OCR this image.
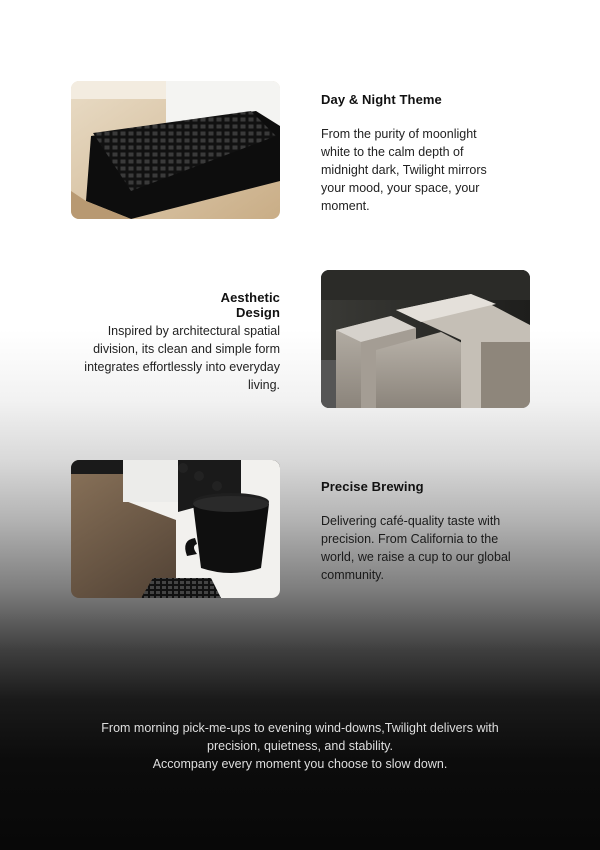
Day & Night Theme
From the purity of moonlight white to the calm depth of midnight dark, Twilight mirrors your mood, your space, your moment.
Aesthetic Design
Inspired by architectural spatial division, its clean and simple form integrates effortlessly into everyday living.
Precise Brewing
Delivering café-quality taste with precision. From California to the world, we raise a cup to our global community.
From morning pick-me-ups to evening wind-downs,Twilight delivers with
precision, quietness, and stability.
Accompany every moment you choose to slow down.
